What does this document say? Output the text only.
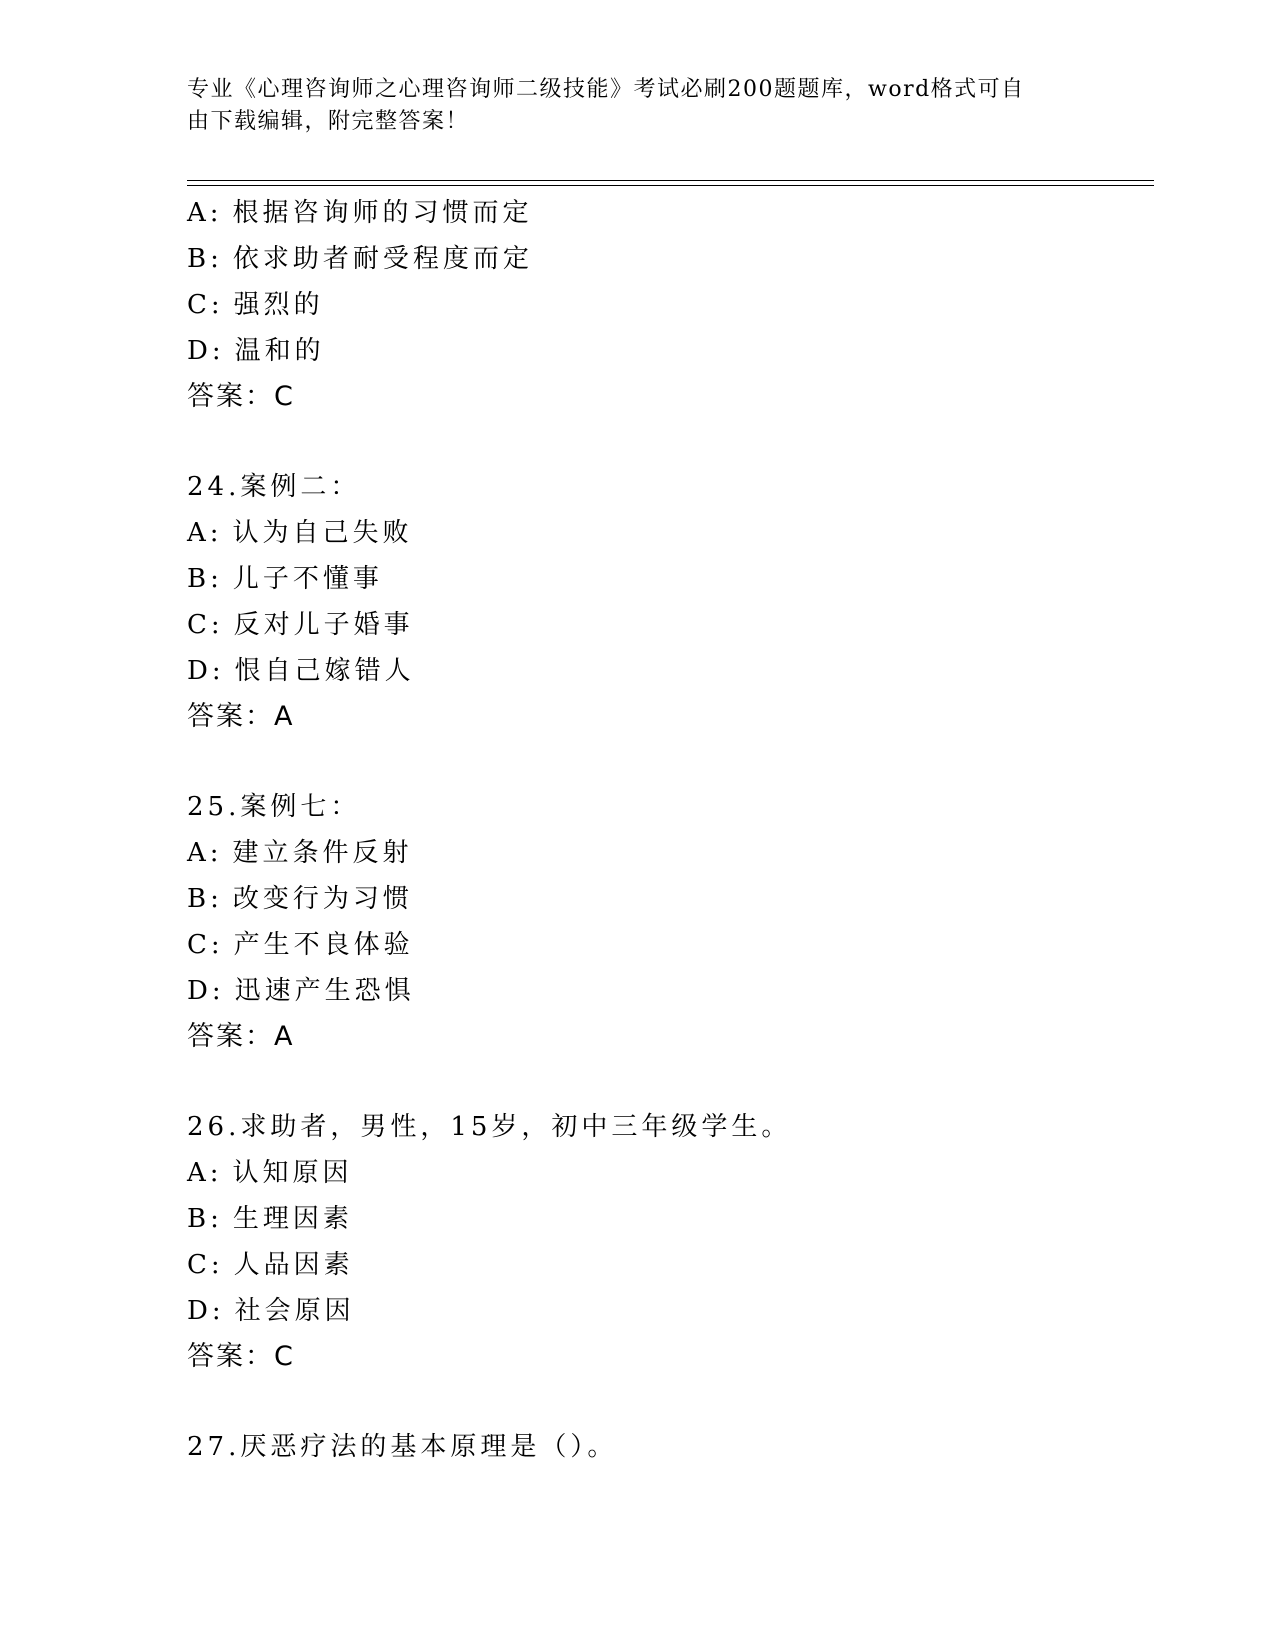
专业《心理咨询师之心理咨询师二级技能》考试必刷200题题库，word格式可自
由下载编辑，附完整答案！
A: 根据咨询师的习惯而定
B: 依求助者耐受程度而定
C: 强烈的
D: 温和的
答案：C
24.案例二：
A: 认为自己失败
B: 儿子不懂事
C: 反对儿子婚事
D: 恨自己嫁错人
答案：A
25.案例七：
A: 建立条件反射
B: 改变行为习惯
C: 产生不良体验
D: 迅速产生恐惧
答案：A
26.求助者，男性，15岁，初中三年级学生。
A: 认知原因
B: 生理因素
C: 人品因素
D: 社会原因
答案：C
27.厌恶疗法的基本原理是（）。
